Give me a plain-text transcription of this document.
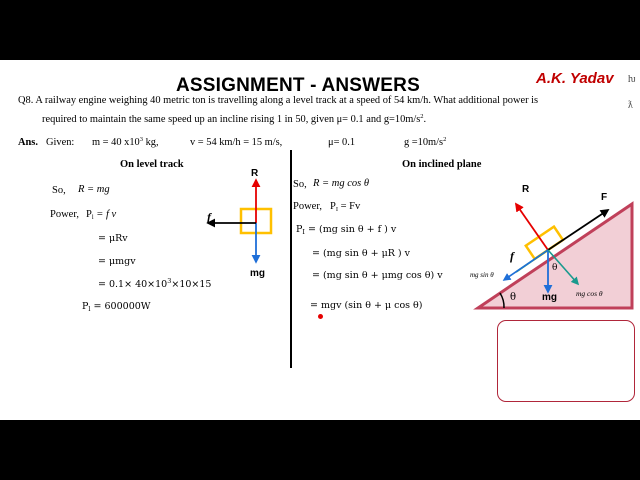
ASSIGNMENT - ANSWERS	A.K. Yadav ƕ
ƛ
Q8. A railway engine weighing 40 metric ton is travelling along a level track at a speed of 54 km/h. What additional power is
required to maintain the same speed up an incline rising 1 in 50, given μ= 0.1 and $g=10m/s^2$.
Ans. Given: m = 40 $x10^3$ kg,	v = 54 km/h = 15 m/s,	μ= 0.1	$g =10m/s^2$
On level track
So, R = mg
Power, $P_l = f$ v
= μRv
= μmgv
= $0.1\times 40\times 10^3\times 10\times 15$
$P_l = 600000W$
R
f
mg
On inclined plane
So, R = mg cos θ
Power, $P_I = Fv$
$P_I = (mg$ sin θ + f ) v
= (mg sin θ + μR ) v
= (mg sin θ + μmg cos θ) v
= mgv (sin θ + μ cos θ)
θ
R
F
f
θ
mg
mg sin θ
mg cos θ
